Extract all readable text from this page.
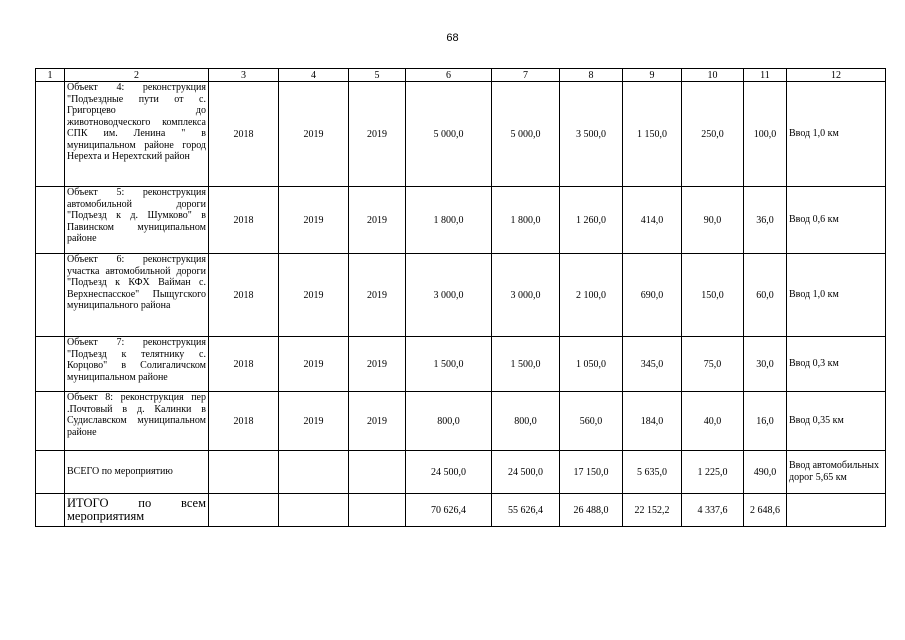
68
1	2	3	4	5	6	7	8	9	10	11	12
	Объект 4: реконструкция "Подъездные пути от с. Григорцево до животноводческого комплекса СПК им. Ленина " в муниципальном районе город Нерехта и Нерехтский район	2018	2019	2019	5 000,0	5 000,0	3 500,0	1 150,0	250,0	100,0	Ввод 1,0 км
	Объект 5: реконструкция автомобильной дороги "Подъезд к д. Шумково" в Павинском муниципальном районе	2018	2019	2019	1 800,0	1 800,0	1 260,0	414,0	90,0	36,0	Ввод 0,6 км
	Объект 6: реконструкция участка автомобильной дороги "Подъезд к КФХ Вайман с. Верхнеспасское" Пыщугского муниципального района	2018	2019	2019	3 000,0	3 000,0	2 100,0	690,0	150,0	60,0	Ввод 1,0 км
	Объект 7: реконструкция "Подъезд к телятнику с. Корцово" в Солигаличском муниципальном районе	2018	2019	2019	1 500,0	1 500,0	1 050,0	345,0	75,0	30,0	Ввод 0,3 км
	Объект 8: реконструкция пер .Почтовый в д. Калинки в Судиславском муниципальном районе	2018	2019	2019	800,0	800,0	560,0	184,0	40,0	16,0	Ввод 0,35 км
	ВСЕГО по мероприятию				24 500,0	24 500,0	17 150,0	5 635,0	1 225,0	490,0	Ввод автомобильных дорог 5,65 км
	ИТОГО по всем мероприятиям				70 626,4	55 626,4	26 488,0	22 152,2	4 337,6	2 648,6	
